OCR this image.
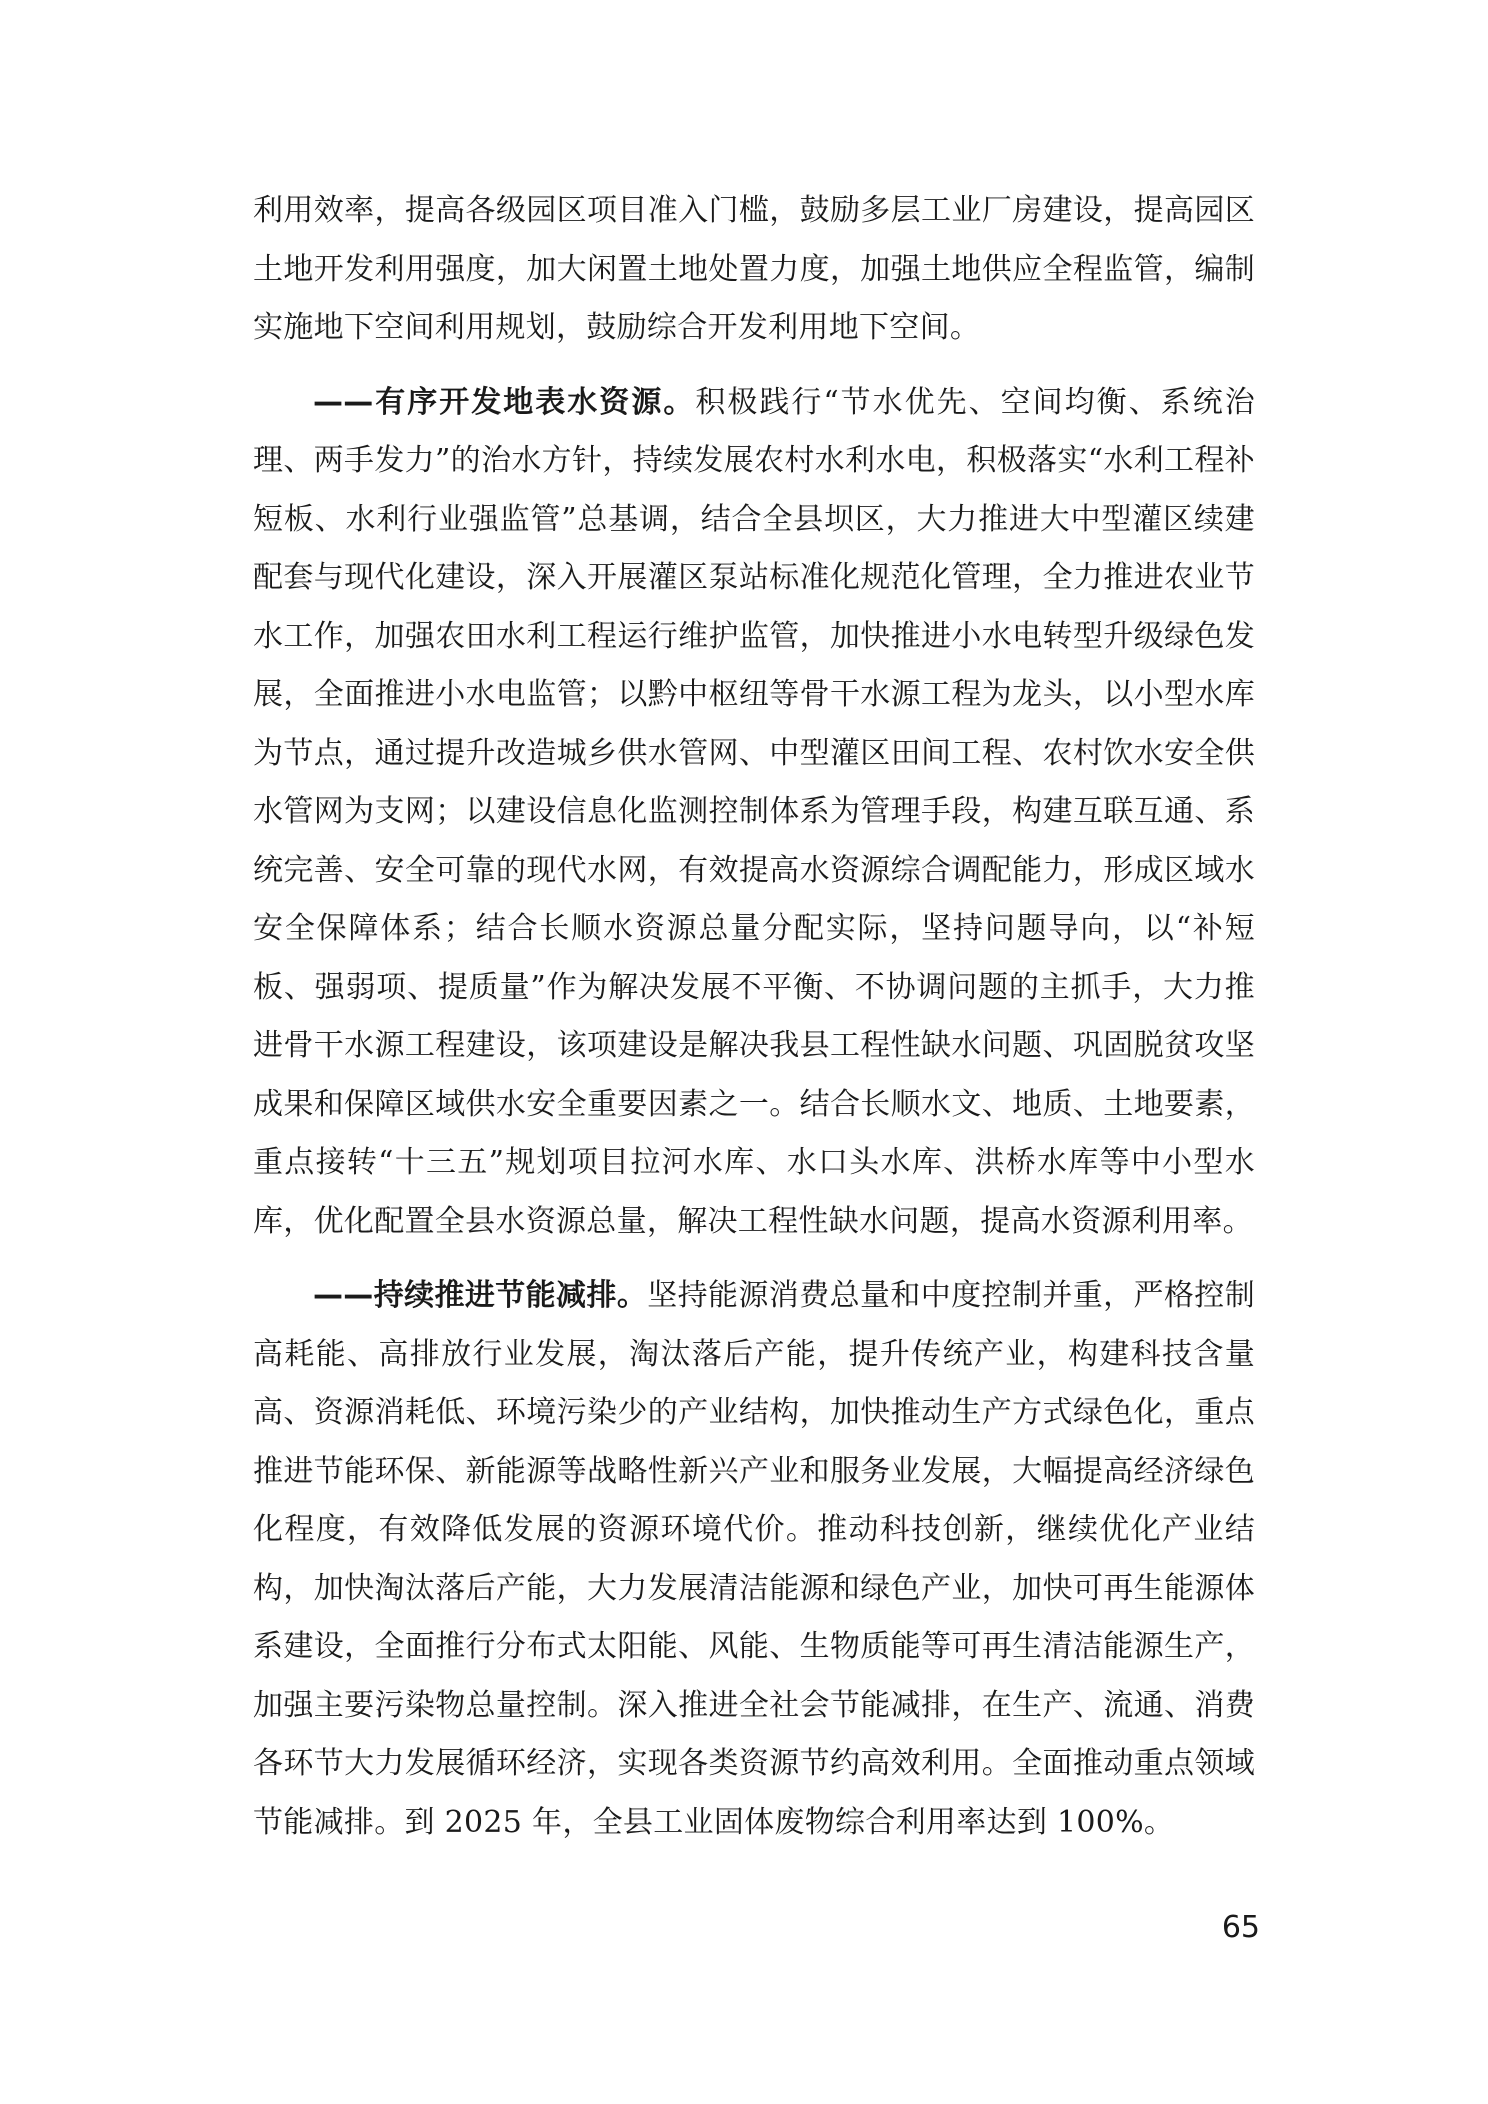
利用效率，提高各级园区项目准入门槛，鼓励多层工业厂房建设，提高园区土地开发利用强度，加大闲置土地处置力度，加强土地供应全程监管，编制实施地下空间利用规划，鼓励综合开发利用地下空间。

——有序开发地表水资源。积极践行“节水优先、空间均衡、系统治理、两手发力”的治水方针，持续发展农村水利水电，积极落实“水利工程补短板、水利行业强监管”总基调，结合全县坝区，大力推进大中型灌区续建配套与现代化建设，深入开展灌区泵站标准化规范化管理，全力推进农业节水工作，加强农田水利工程运行维护监管，加快推进小水电转型升级绿色发展，全面推进小水电监管；以黔中枢纽等骨干水源工程为龙头，以小型水库为节点，通过提升改造城乡供水管网、中型灌区田间工程、农村饮水安全供水管网为支网；以建设信息化监测控制体系为管理手段，构建互联互通、系统完善、安全可靠的现代水网，有效提高水资源综合调配能力，形成区域水安全保障体系；结合长顺水资源总量分配实际，坚持问题导向，以“补短板、强弱项、提质量”作为解决发展不平衡、不协调问题的主抓手，大力推进骨干水源工程建设，该项建设是解决我县工程性缺水问题、巩固脱贫攻坚成果和保障区域供水安全重要因素之一。结合长顺水文、地质、土地要素，重点接转“十三五”规划项目拉河水库、水口头水库、洪桥水库等中小型水库，优化配置全县水资源总量，解决工程性缺水问题，提高水资源利用率。

——持续推进节能减排。坚持能源消费总量和中度控制并重，严格控制高耗能、高排放行业发展，淘汰落后产能，提升传统产业，构建科技含量高、资源消耗低、环境污染少的产业结构，加快推动生产方式绿色化，重点推进节能环保、新能源等战略性新兴产业和服务业发展，大幅提高经济绿色化程度，有效降低发展的资源环境代价。推动科技创新，继续优化产业结构，加快淘汰落后产能，大力发展清洁能源和绿色产业，加快可再生能源体系建设，全面推行分布式太阳能、风能、生物质能等可再生清洁能源生产，加强主要污染物总量控制。深入推进全社会节能减排，在生产、流通、消费各环节大力发展循环经济，实现各类资源节约高效利用。全面推动重点领域节能减排。到 2025 年，全县工业固体废物综合利用率达到 100%。

65
